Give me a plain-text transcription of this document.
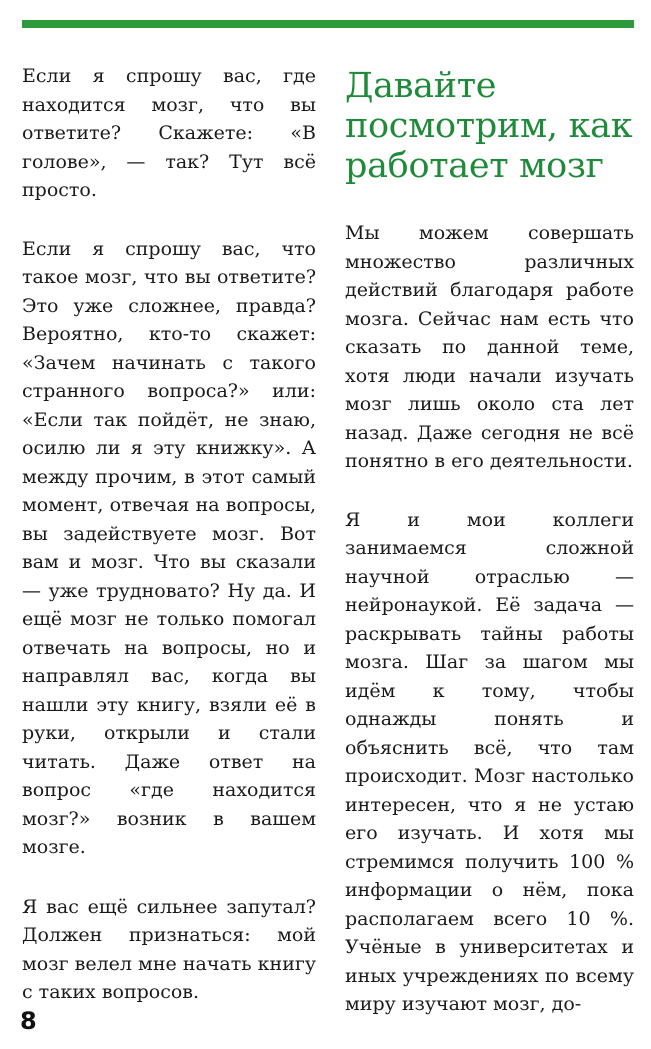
Если я спрошу вас, где находится мозг, что вы ответите? Скажете: «В голове», — так? Тут всё просто.

Если я спрошу вас, что такое мозг, что вы ответите? Это уже сложнее, правда? Вероятно, кто-то скажет: «Зачем начинать с такого странного вопроса?» или: «Если так пойдёт, не знаю, осилю ли я эту книжку». А между прочим, в этот самый момент, отвечая на вопросы, вы задействуете мозг. Вот вам и мозг. Что вы сказали — уже трудновато? Ну да. И ещё мозг не только помогал отвечать на вопросы, но и направлял вас, когда вы нашли эту книгу, взяли её в руки, открыли и стали читать. Даже ответ на вопрос «где находится мозг?» возник в вашем мозге.

Я вас ещё сильнее запутал? Должен признаться: мой мозг велел мне начать книгу с таких вопросов.

Давайте посмотрим, как работает мозг

Мы можем совершать множество различных действий благодаря работе мозга. Сейчас нам есть что сказать по данной теме, хотя люди начали изучать мозг лишь около ста лет назад. Даже сегодня не всё понятно в его деятельности.

Я и мои коллеги занимаемся сложной научной отраслью — нейронаукой. Её задача — раскрывать тайны работы мозга. Шаг за шагом мы идём к тому, чтобы однажды понять и объяснить всё, что там происходит. Мозг настолько интересен, что я не устаю его изучать. И хотя мы стремимся получить 100 % информации о нём, пока располагаем всего 10 %. Учёные в университетах и иных учреждениях по всему миру изучают мозг, до-

8
